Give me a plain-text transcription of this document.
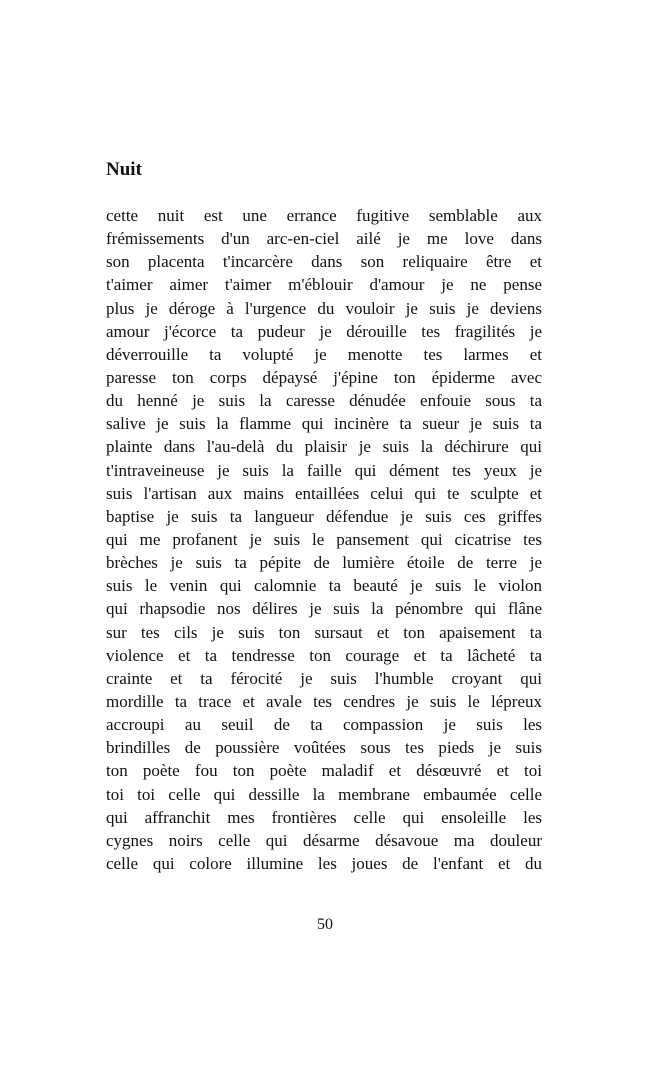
Nuit
cette nuit est une errance fugitive semblable aux
frémissements d'un arc-en-ciel ailé je me love dans
son placenta t'incarcère dans son reliquaire être et
t'aimer aimer t'aimer m'éblouir d'amour je ne pense
plus je déroge à l'urgence du vouloir je suis je deviens
amour j'écorce ta pudeur je dérouille tes fragilités je
déverrouille ta volupté je menotte tes larmes et
paresse ton corps dépaysé j'épine ton épiderme avec
du henné je suis la caresse dénudée enfouie sous ta
salive je suis la flamme qui incinère ta sueur je suis ta
plainte dans l'au-delà du plaisir je suis la déchirure qui
t'intraveineuse je suis la faille qui dément tes yeux je
suis l'artisan aux mains entaillées celui qui te sculpte et
baptise je suis ta langueur défendue je suis ces griffes
qui me profanent je suis le pansement qui cicatrise tes
brèches je suis ta pépite de lumière étoile de terre je
suis le venin qui calomnie ta beauté je suis le violon
qui rhapsodie nos délires je suis la pénombre qui flâne
sur tes cils je suis ton sursaut et ton apaisement ta
violence et ta tendresse ton courage et ta lâcheté ta
crainte et ta férocité je suis l'humble croyant qui
mordille ta trace et avale tes cendres je suis le lépreux
accroupi au seuil de ta compassion je suis les
brindilles de poussière voûtées sous tes pieds je suis
ton poète fou ton poète maladif et désœuvré et toi
toi toi celle qui dessille la membrane embaumée celle
qui affranchit mes frontières celle qui ensoleille les
cygnes noirs celle qui désarme désavoue ma douleur
celle qui colore illumine les joues de l'enfant et du
50
